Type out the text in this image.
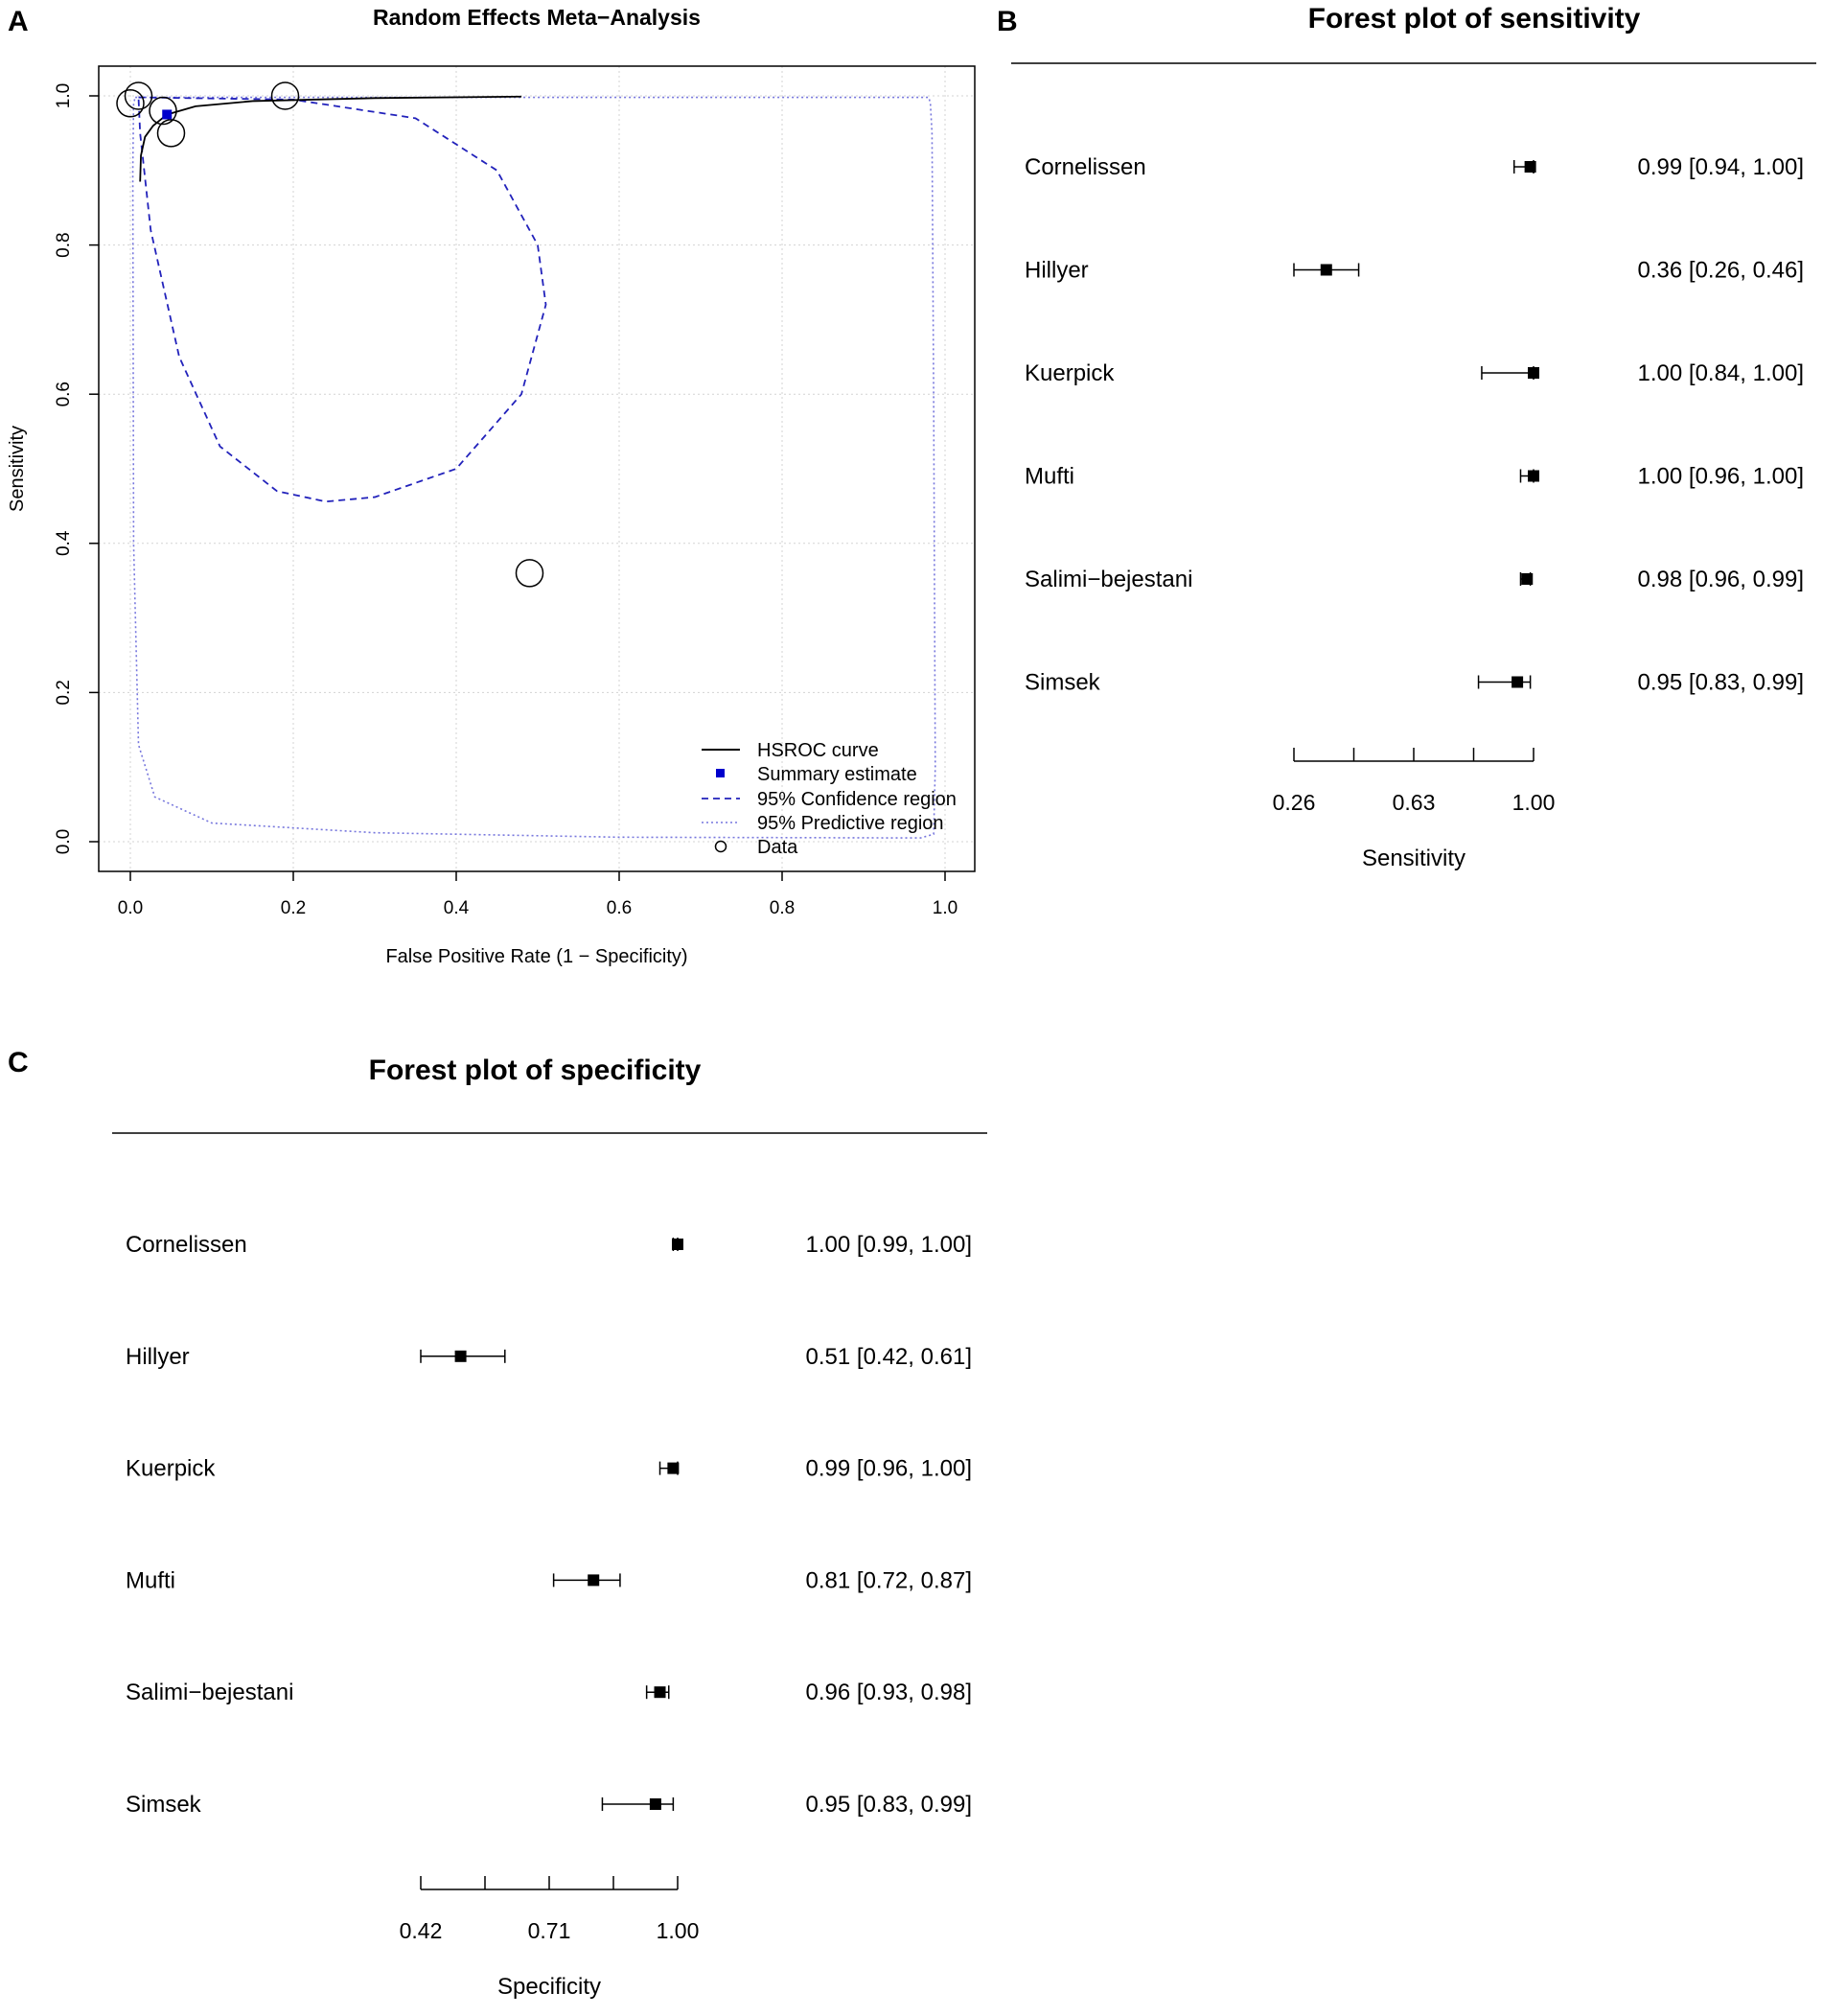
A	B
C
Random Effects Meta−Analysis
0.0	0.2	0.4	0.6	0.8	1.0
0.0
0.2
0.4
0.6
0.8
1.0
False Positive Rate (1 − Specificity)
Sensitivity
HSROC curve
Summary estimate
95% Confidence region
95% Predictive region
Data
Forest plot of sensitivity
Cornelissen	0.99 [0.94, 1.00]
Hillyer	0.36 [0.26, 0.46]
Kuerpick	1.00 [0.84, 1.00]
Mufti	1.00 [0.96, 1.00]
Salimi−bejestani	0.98 [0.96, 0.99]
Simsek	0.95 [0.83, 0.99]
0.26	0.63	1.00
Sensitivity
Forest plot of specificity
Cornelissen	1.00 [0.99, 1.00]
Hillyer	0.51 [0.42, 0.61]
Kuerpick	0.99 [0.96, 1.00]
Mufti	0.81 [0.72, 0.87]
Salimi−bejestani	0.96 [0.93, 0.98]
Simsek	0.95 [0.83, 0.99]
0.42	0.71	1.00
Specificity
